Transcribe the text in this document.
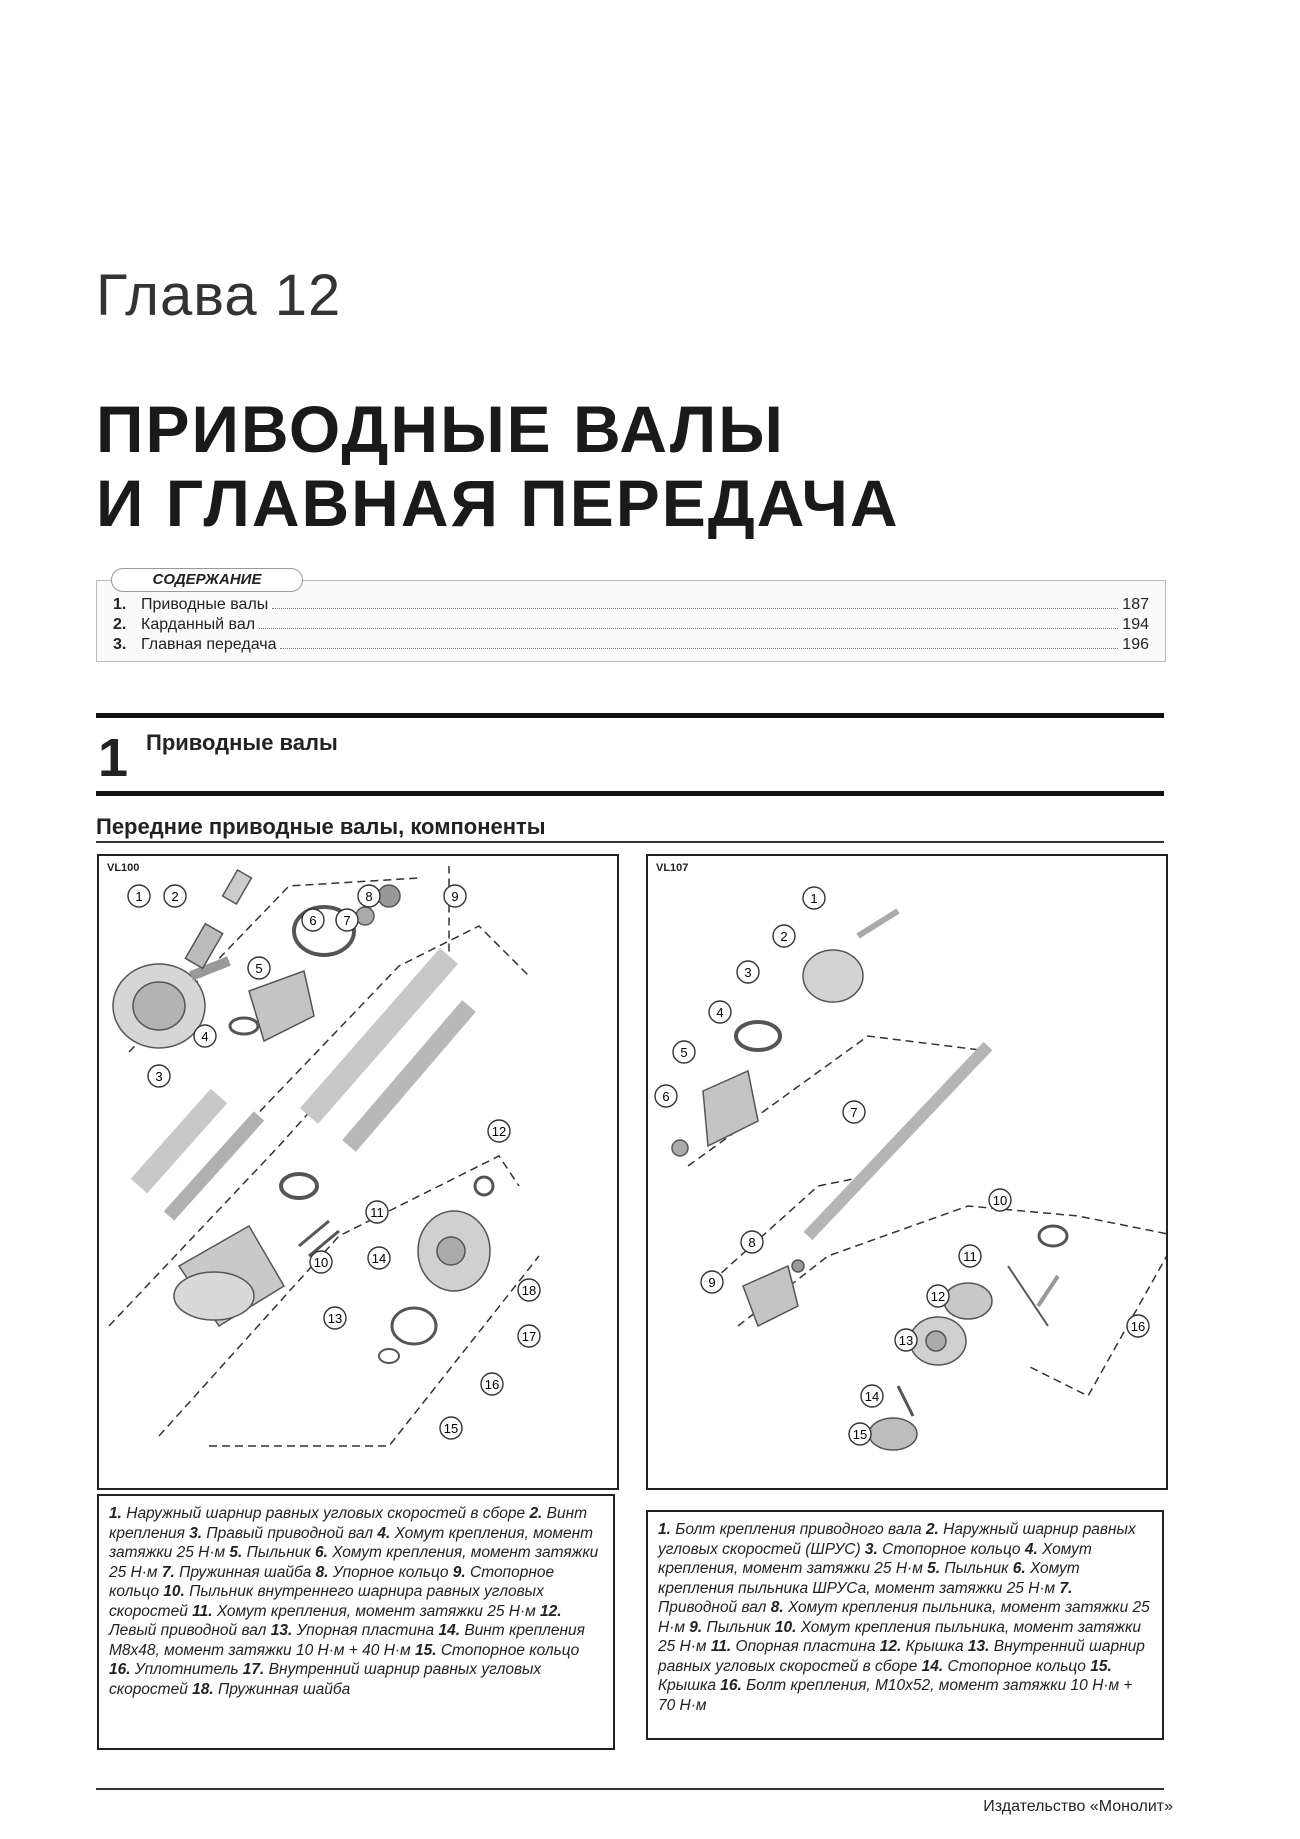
Глава 12
ПРИВОДНЫЕ ВАЛЫ
И ГЛАВНАЯ ПЕРЕДАЧА
СОДЕРЖАНИЕ
1. Приводные валы	187
2. Карданный вал	194
3. Главная передача	196
1 Приводные валы
Передние приводные валы, компоненты
VL100
1 2
3
4
5
6 7
8	9
10
11
12
13
14
15
16
17
18
1. Наружный шарнир равных угловых скоростей в сборе 2. Винт крепления 3. Правый приводной вал 4. Хомут крепления, момент затяжки 25 Н·м 5. Пыльник 6. Хомут крепления, момент затяжки 25 Н·м 7. Пружинная шайба 8. Упорное кольцо 9. Стопорное кольцо 10. Пыльник внутреннего шарнира равных угловых скоростей 11. Хомут крепления, момент затяжки 25 Н·м 12. Левый приводной вал 13. Упорная пластина 14. Винт крепления М8х48, момент затяжки 10 Н·м + 40 Н·м 15. Стопорное кольцо 16. Уплотнитель 17. Внутренний шарнир равных угловых скоростей 18. Пружинная шайба
VL107
1
2
3
4
5
6
7
8
9
10
11
12
13
14
15
16
1. Болт крепления приводного вала 2. Наружный шарнир равных угловых скоростей (ШРУС) 3. Стопорное кольцо 4. Хомут крепления, момент затяжки 25 Н·м 5. Пыльник 6. Хомут крепления пыльника ШРУСа, момент затяжки 25 Н·м 7. Приводной вал 8. Хомут крепления пыльника, момент затяжки 25 Н·м 9. Пыльник 10. Хомут крепления пыльника, момент затяжки 25 Н·м 11. Опорная пластина 12. Крышка 13. Внутренний шарнир равных угловых скоростей в сборе 14. Стопорное кольцо 15. Крышка 16. Болт крепления, М10х52, момент затяжки 10 Н·м + 70 Н·м
Издательство «Монолит»
